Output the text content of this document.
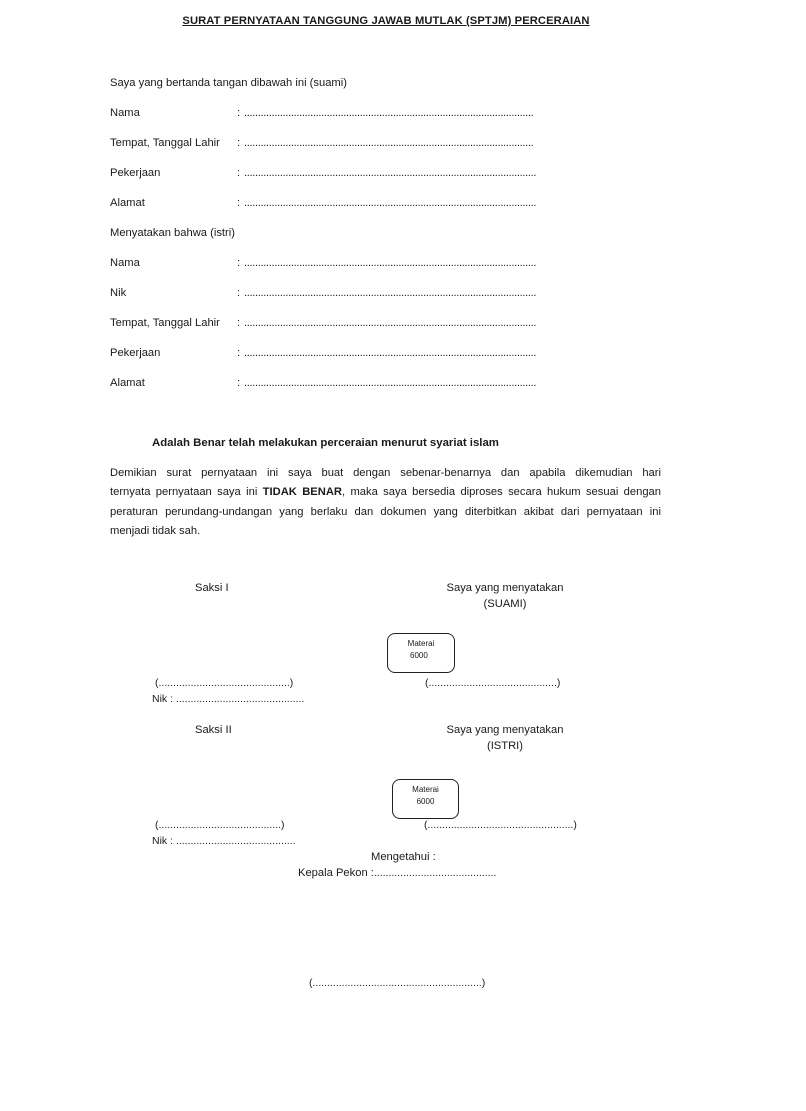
SURAT PERNYATAAN TANGGUNG JAWAB MUTLAK (SPTJM) PERCERAIAN
Saya yang bertanda tangan dibawah ini (suami)
Nama	: .........................................................................................................
Tempat, Tanggal Lahir : .........................................................................................................
Pekerjaan	: ..........................................................................................................
Alamat	: ..........................................................................................................
Menyatakan bahwa (istri)
Nama	: ..........................................................................................................
Nik	: ..........................................................................................................
Tempat, Tanggal Lahir : ..........................................................................................................
Pekerjaan	: ..........................................................................................................
Alamat	: ..........................................................................................................
Adalah Benar telah melakukan perceraian menurut syariat islam
Demikian surat pernyataan ini saya buat dengan sebenar-benarnya dan apabila dikemudian hari
ternyata pernyataan saya ini TIDAK BENAR, maka saya bersedia diproses secara hukum sesuai dengan
peraturan perundang-undangan yang berlaku dan dokumen yang diterbitkan akibat dari pernyataan ini
menjadi tidak sah.
Saksi I	Saya yang menyatakan
(SUAMI)
Materai
6000
(.............................................)	(............................................)
Nik : ............................................
Saksi II	Saya yang menyatakan
(ISTRI)
Materai
6000
(..........................................)	(..................................................)
Nik : .........................................
Mengetahui :
Kepala Pekon :..........................................
(..........................................................)
